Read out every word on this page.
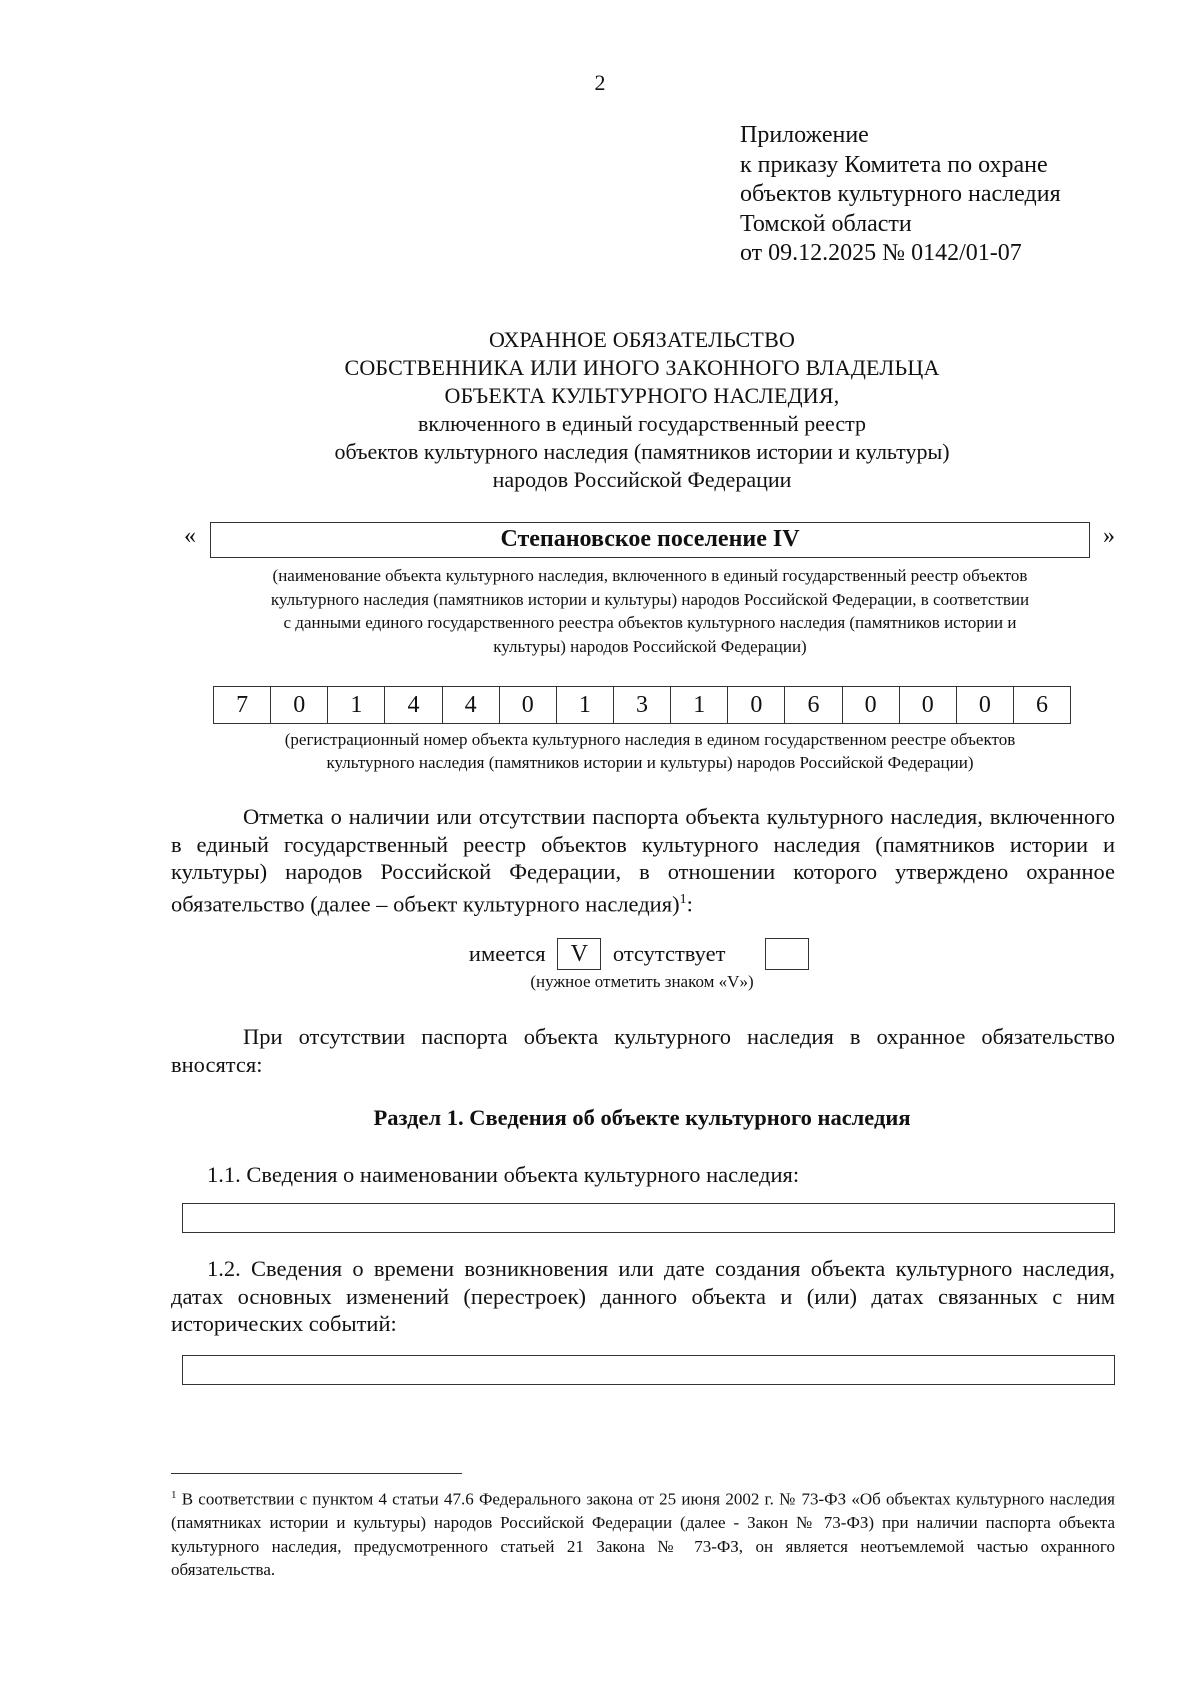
2
Приложение
к приказу Комитета по охране
объектов культурного наследия
Томской области
от 09.12.2025 № 0142/01-07
ОХРАННОЕ ОБЯЗАТЕЛЬСТВО
СОБСТВЕННИКА ИЛИ ИНОГО ЗАКОННОГО ВЛАДЕЛЬЦА
ОБЪЕКТА КУЛЬТУРНОГО НАСЛЕДИЯ,
включенного в единый государственный реестр
объектов культурного наследия (памятников истории и культуры)
народов Российской Федерации
«	Степановское поселение IV	»
(наименование объекта культурного наследия, включенного в единый государственный реестр объектов
культурного наследия (памятников истории и культуры) народов Российской Федерации, в соответствии
с данными единого государственного реестра объектов культурного наследия (памятников истории и
культуры) народов Российской Федерации)
7	0	1	4	4	0	1	3	1	0	6	0	0	0	6
(регистрационный номер объекта культурного наследия в едином государственном реестре объектов
культурного наследия (памятников истории и культуры) народов Российской Федерации)
Отметка о наличии или отсутствии паспорта объекта культурного наследия, включенного в единый государственный реестр объектов культурного наследия (памятников истории и культуры) народов Российской Федерации, в отношении которого утверждено охранное обязательство (далее – объект культурного наследия)$^1$:
имеется V отсутствует
(нужное отметить знаком «V»)
При отсутствии паспорта объекта культурного наследия в охранное обязательство вносятся:
Раздел 1. Сведения об объекте культурного наследия
1.1. Сведения о наименовании объекта культурного наследия:
1.2. Сведения о времени возникновения или дате создания объекта культурного наследия, датах основных изменений (перестроек) данного объекта и (или) датах связанных с ним исторических событий:
$^1$ В соответствии с пунктом 4 статьи 47.6 Федерального закона от 25 июня 2002 г. № 73-ФЗ «Об объектах культурного наследия (памятниках истории и культуры) народов Российской Федерации (далее - Закон № 73-ФЗ) при наличии паспорта объекта культурного наследия, предусмотренного статьей 21 Закона № 73-ФЗ, он является неотъемлемой частью охранного обязательства.
